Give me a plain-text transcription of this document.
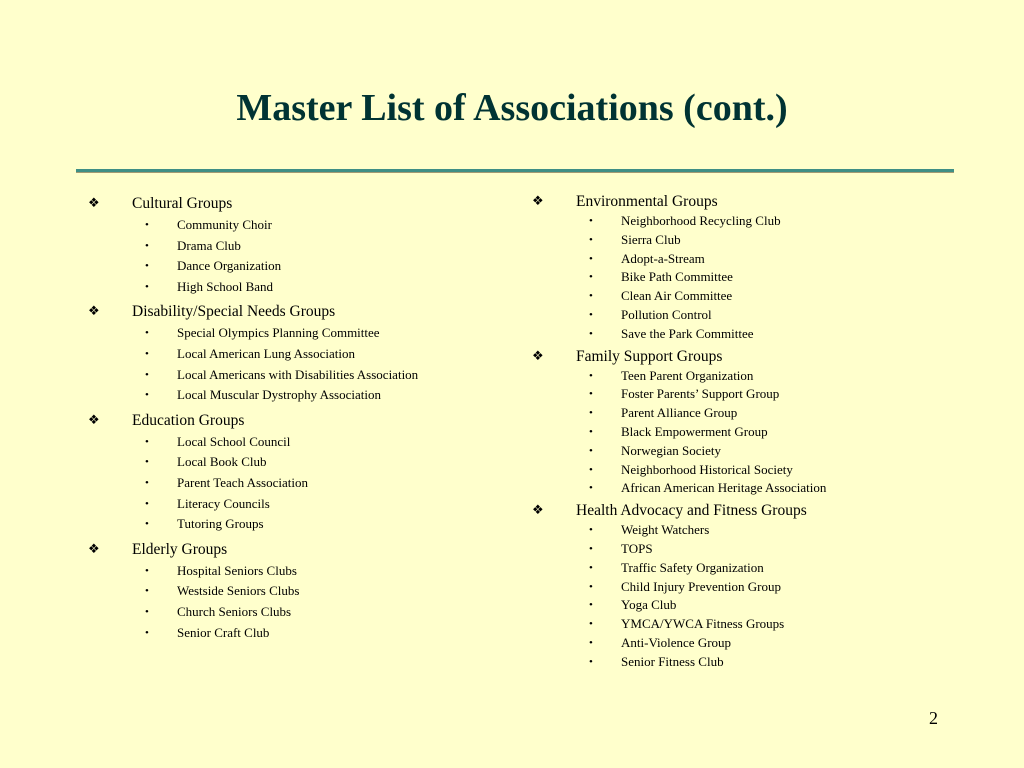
Master List of Associations (cont.)
❖ Cultural Groups
• Community Choir
• Drama Club
• Dance Organization
• High School Band
❖ Disability/Special Needs Groups
• Special Olympics Planning Committee
• Local American Lung Association
• Local Americans with Disabilities Association
• Local Muscular Dystrophy Association
❖ Education Groups
• Local School Council
• Local Book Club
• Parent Teach Association
• Literacy Councils
• Tutoring Groups
❖ Elderly Groups
• Hospital Seniors Clubs
• Westside Seniors Clubs
• Church Seniors Clubs
• Senior Craft Club
❖ Environmental Groups
• Neighborhood Recycling Club
• Sierra Club
• Adopt-a-Stream
• Bike Path Committee
• Clean Air Committee
• Pollution Control
• Save the Park Committee
❖ Family Support Groups
• Teen Parent Organization
• Foster Parents’ Support Group
• Parent Alliance Group
• Black Empowerment Group
• Norwegian Society
• Neighborhood Historical Society
• African American Heritage Association
❖ Health Advocacy and Fitness Groups
• Weight Watchers
• TOPS
• Traffic Safety Organization
• Child Injury Prevention Group
• Yoga Club
• YMCA/YWCA Fitness Groups
• Anti-Violence Group
• Senior Fitness Club
2
